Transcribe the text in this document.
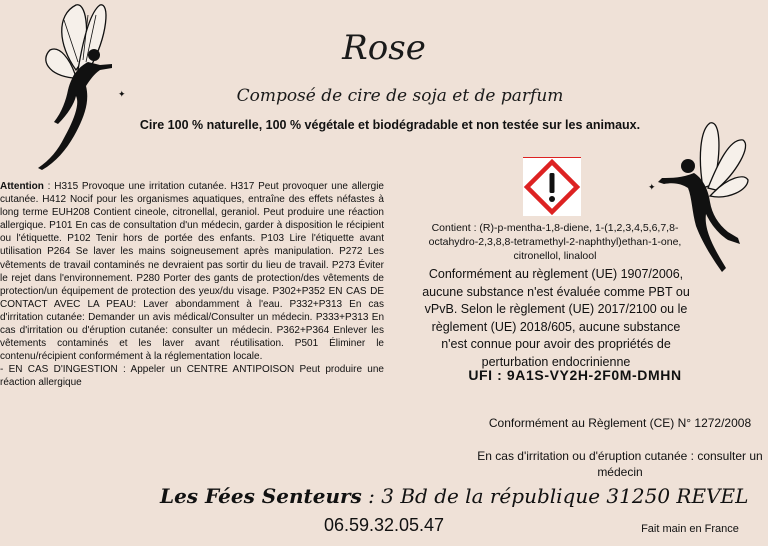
✦
✦
Rose
Composé de cire de soja et de parfum
Cire 100 % naturelle, 100 % végétale et biodégradable et non testée sur les animaux.
Attention : H315 Provoque une irritation cutanée. H317 Peut provoquer une allergie cutanée. H412 Nocif pour les organismes aquatiques, entraîne des effets néfastes à long terme EUH208 Contient cineole, citronellal, geraniol. Peut produire une réaction allergique. P101 En cas de consultation d'un médecin, garder à disposition le récipient ou l'étiquette. P102 Tenir hors de portée des enfants. P103 Lire l'étiquette avant utilisation P264 Se laver les mains soigneusement après manipulation. P272 Les vêtements de travail contaminés ne devraient pas sortir du lieu de travail. P273 Éviter le rejet dans l'environnement. P280 Porter des gants de protection/des vêtements de protection/un équipement de protection des yeux/du visage. P302+P352 EN CAS DE CONTACT AVEC LA PEAU: Laver abondamment à l'eau. P332+P313 En cas d'irritation cutanée: Demander un avis médical/Consulter un médecin. P333+P313 En cas d'irritation ou d'éruption cutanée: consulter un médecin. P362+P364 Enlever les vêtements contaminés et les laver avant réutilisation. P501 Éliminer le contenu/récipient conformément à la réglementation locale.
- EN CAS D'INGESTION : Appeler un CENTRE ANTIPOISON Peut produire une réaction allergique
Contient : (R)-p-mentha-1,8-diene, 1-(1,2,3,4,5,6,7,8-octahydro-2,3,8,8-tetramethyl-2-naphthyl)ethan-1-one, citronellol, linalool
Conformément au règlement (UE) 1907/2006, aucune substance n'est évaluée comme PBT ou vPvB. Selon le règlement (UE) 2017/2100 ou le règlement (UE) 2018/605, aucune substance n'est connue pour avoir des propriétés de perturbation endocrinienne
UFI : 9A1S-VY2H-2F0M-DMHN
Conformément au Règlement (CE) N° 1272/2008
En cas d'irritation ou d'éruption cutanée : consulter un médecin
Les Fées Senteurs : 3 Bd de la république 31250 REVEL
06.59.32.05.47	Fait main en France
